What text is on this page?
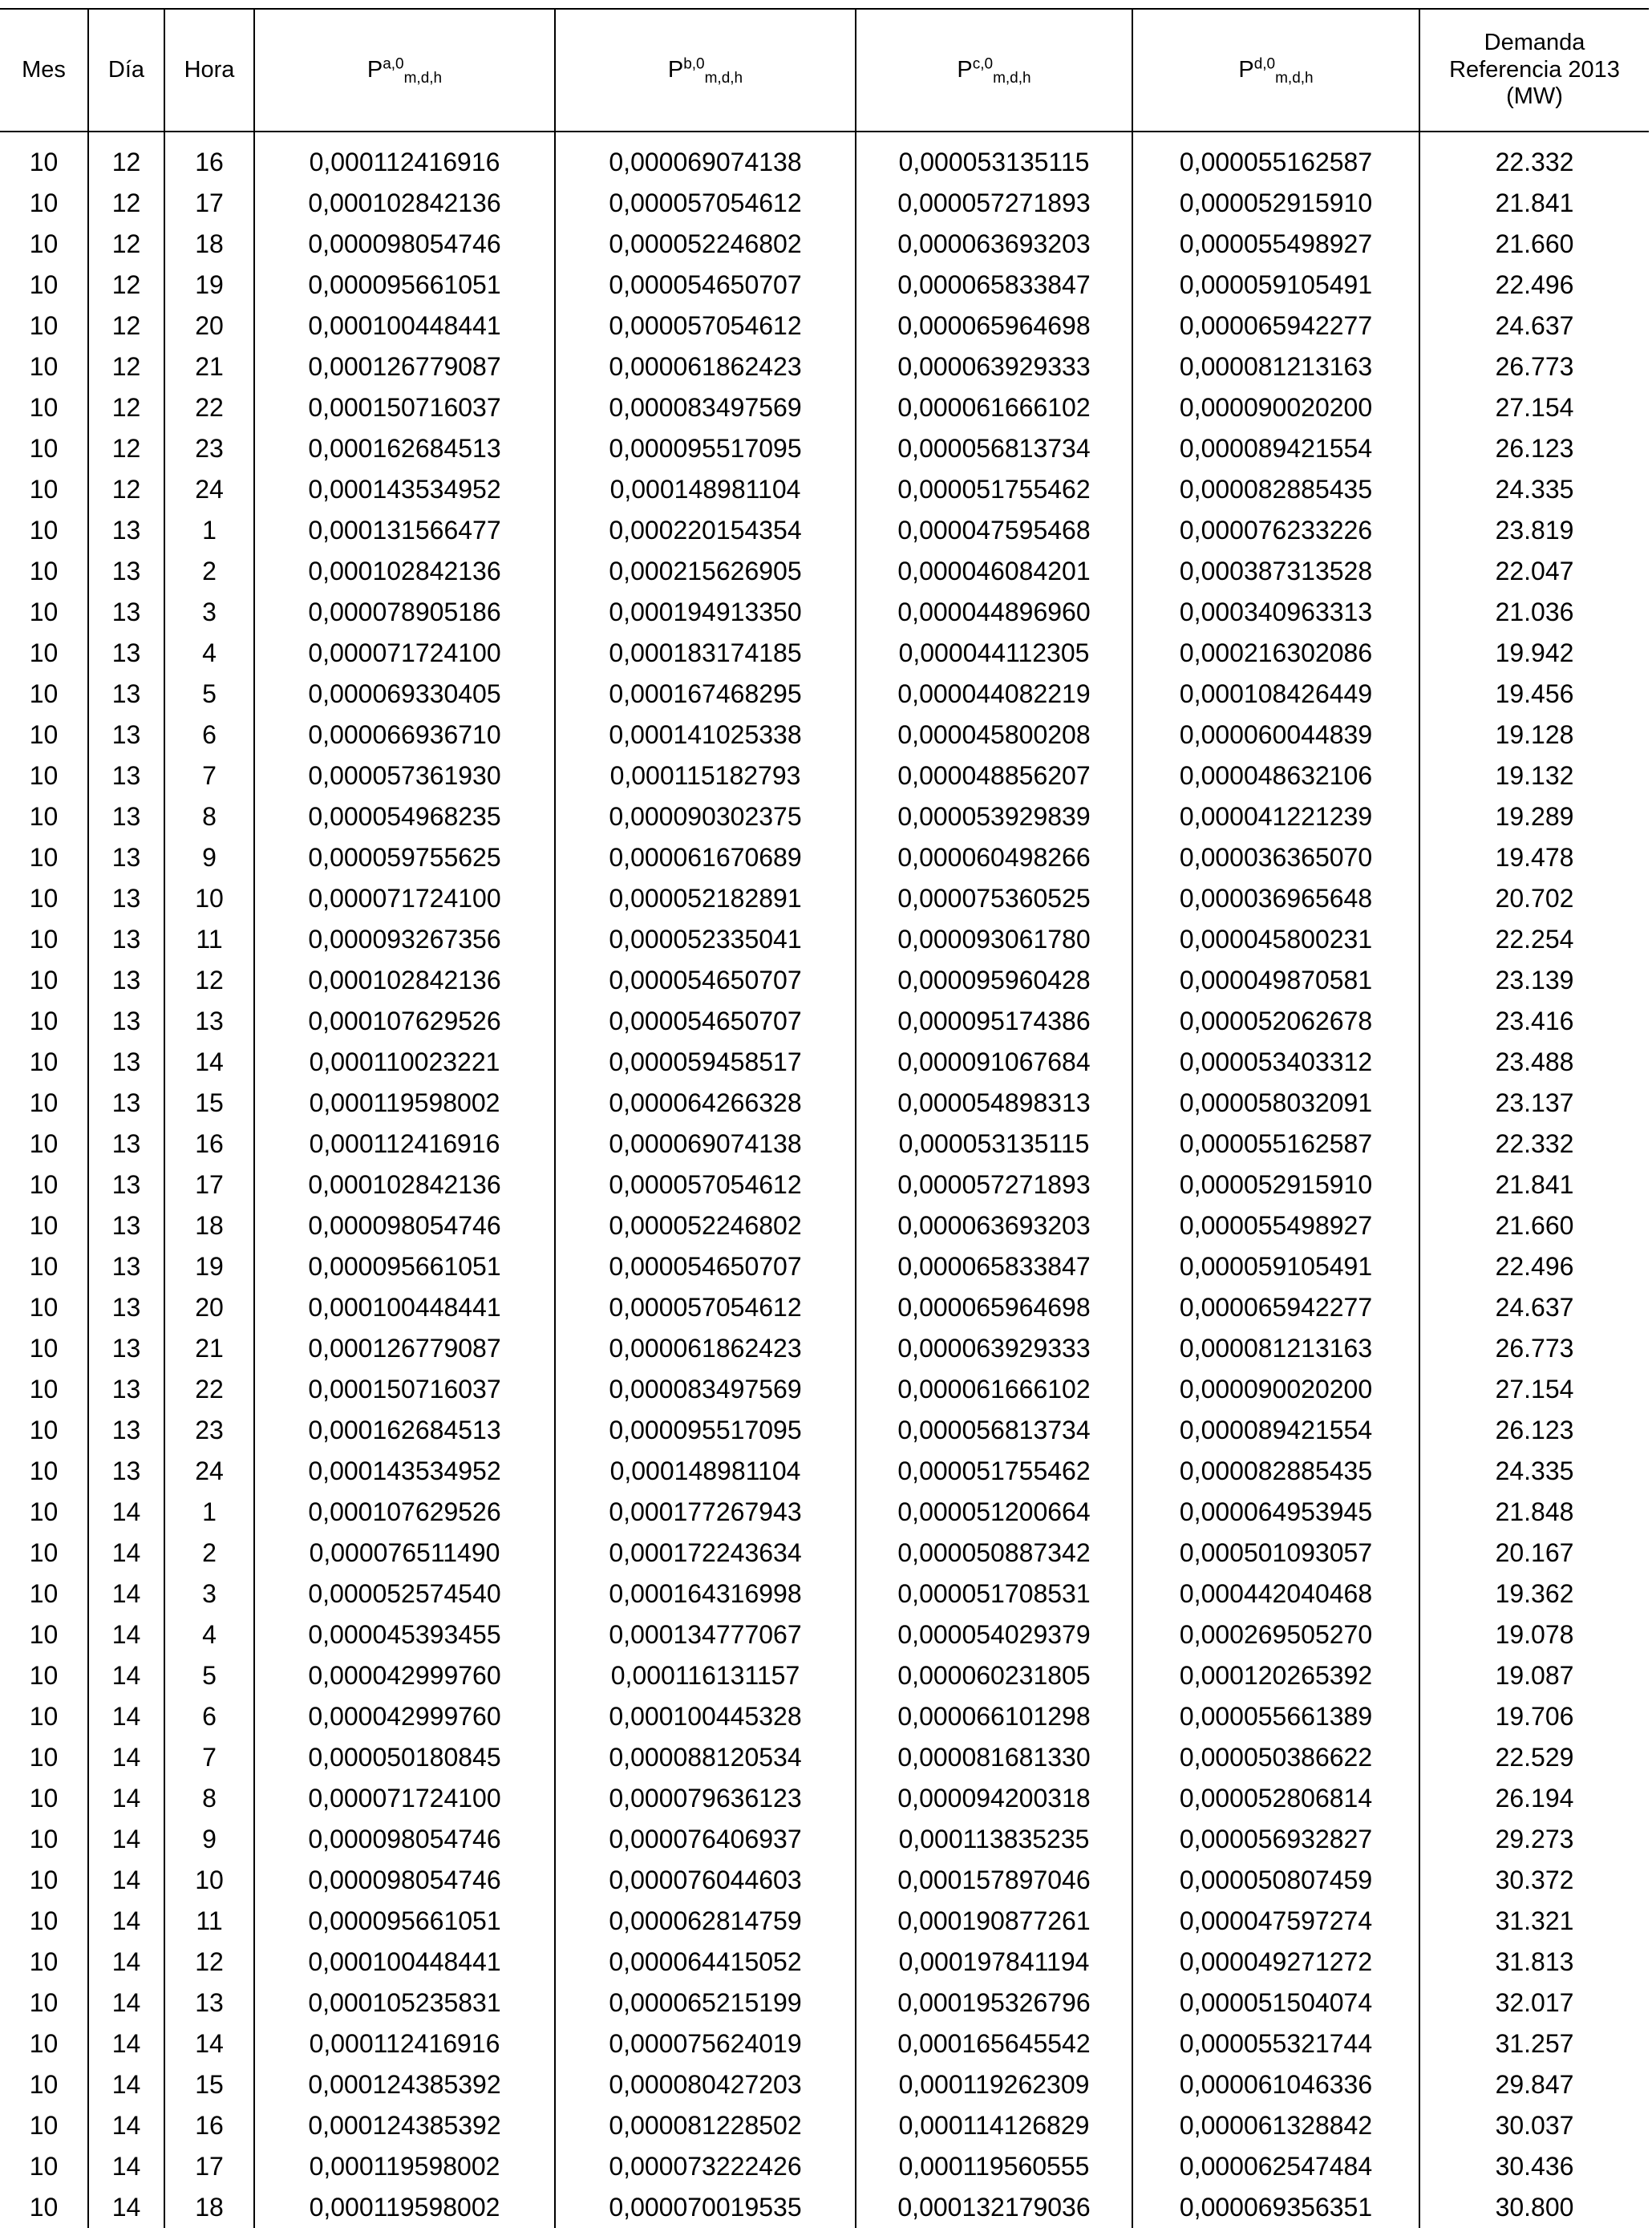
Mes	Día	Hora	P$^{a,0}_{m,d,h}$	P$^{b,0}_{m,d,h}$	P$^{c,0}_{m,d,h}$	P$^{d,0}_{m,d,h}$	Demanda
Referencia 2013
(MW)

10	12	16	0,000112416916	0,000069074138	0,000053135115	0,000055162587	22.332
10	12	17	0,000102842136	0,000057054612	0,000057271893	0,000052915910	21.841
10	12	18	0,000098054746	0,000052246802	0,000063693203	0,000055498927	21.660
10	12	19	0,000095661051	0,000054650707	0,000065833847	0,000059105491	22.496
10	12	20	0,000100448441	0,000057054612	0,000065964698	0,000065942277	24.637
10	12	21	0,000126779087	0,000061862423	0,000063929333	0,000081213163	26.773
10	12	22	0,000150716037	0,000083497569	0,000061666102	0,000090020200	27.154
10	12	23	0,000162684513	0,000095517095	0,000056813734	0,000089421554	26.123
10	12	24	0,000143534952	0,000148981104	0,000051755462	0,000082885435	24.335
10	13	1	0,000131566477	0,000220154354	0,000047595468	0,000076233226	23.819
10	13	2	0,000102842136	0,000215626905	0,000046084201	0,000387313528	22.047
10	13	3	0,000078905186	0,000194913350	0,000044896960	0,000340963313	21.036
10	13	4	0,000071724100	0,000183174185	0,000044112305	0,000216302086	19.942
10	13	5	0,000069330405	0,000167468295	0,000044082219	0,000108426449	19.456
10	13	6	0,000066936710	0,000141025338	0,000045800208	0,000060044839	19.128
10	13	7	0,000057361930	0,000115182793	0,000048856207	0,000048632106	19.132
10	13	8	0,000054968235	0,000090302375	0,000053929839	0,000041221239	19.289
10	13	9	0,000059755625	0,000061670689	0,000060498266	0,000036365070	19.478
10	13	10	0,000071724100	0,000052182891	0,000075360525	0,000036965648	20.702
10	13	11	0,000093267356	0,000052335041	0,000093061780	0,000045800231	22.254
10	13	12	0,000102842136	0,000054650707	0,000095960428	0,000049870581	23.139
10	13	13	0,000107629526	0,000054650707	0,000095174386	0,000052062678	23.416
10	13	14	0,000110023221	0,000059458517	0,000091067684	0,000053403312	23.488
10	13	15	0,000119598002	0,000064266328	0,000054898313	0,000058032091	23.137
10	13	16	0,000112416916	0,000069074138	0,000053135115	0,000055162587	22.332
10	13	17	0,000102842136	0,000057054612	0,000057271893	0,000052915910	21.841
10	13	18	0,000098054746	0,000052246802	0,000063693203	0,000055498927	21.660
10	13	19	0,000095661051	0,000054650707	0,000065833847	0,000059105491	22.496
10	13	20	0,000100448441	0,000057054612	0,000065964698	0,000065942277	24.637
10	13	21	0,000126779087	0,000061862423	0,000063929333	0,000081213163	26.773
10	13	22	0,000150716037	0,000083497569	0,000061666102	0,000090020200	27.154
10	13	23	0,000162684513	0,000095517095	0,000056813734	0,000089421554	26.123
10	13	24	0,000143534952	0,000148981104	0,000051755462	0,000082885435	24.335
10	14	1	0,000107629526	0,000177267943	0,000051200664	0,000064953945	21.848
10	14	2	0,000076511490	0,000172243634	0,000050887342	0,000501093057	20.167
10	14	3	0,000052574540	0,000164316998	0,000051708531	0,000442040468	19.362
10	14	4	0,000045393455	0,000134777067	0,000054029379	0,000269505270	19.078
10	14	5	0,000042999760	0,000116131157	0,000060231805	0,000120265392	19.087
10	14	6	0,000042999760	0,000100445328	0,000066101298	0,000055661389	19.706
10	14	7	0,000050180845	0,000088120534	0,000081681330	0,000050386622	22.529
10	14	8	0,000071724100	0,000079636123	0,000094200318	0,000052806814	26.194
10	14	9	0,000098054746	0,000076406937	0,000113835235	0,000056932827	29.273
10	14	10	0,000098054746	0,000076044603	0,000157897046	0,000050807459	30.372
10	14	11	0,000095661051	0,000062814759	0,000190877261	0,000047597274	31.321
10	14	12	0,000100448441	0,000064415052	0,000197841194	0,000049271272	31.813
10	14	13	0,000105235831	0,000065215199	0,000195326796	0,000051504074	32.017
10	14	14	0,000112416916	0,000075624019	0,000165645542	0,000055321744	31.257
10	14	15	0,000124385392	0,000080427203	0,000119262309	0,000061046336	29.847
10	14	16	0,000124385392	0,000081228502	0,000114126829	0,000061328842	30.037
10	14	17	0,000119598002	0,000073222426	0,000119560555	0,000062547484	30.436
10	14	18	0,000119598002	0,000070019535	0,000132179036	0,000069356351	30.800
